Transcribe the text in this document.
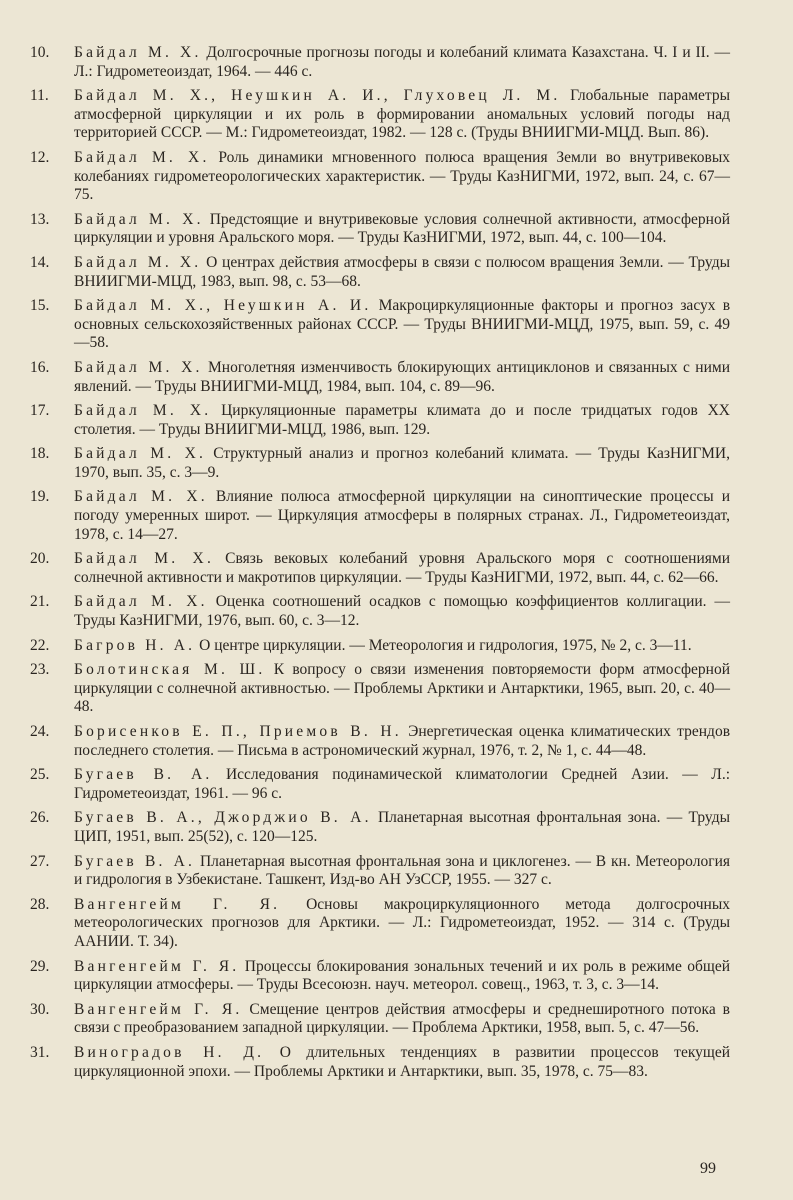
10.	Байдал М. Х. Долгосрочные прогнозы погоды и колебаний климата Казахстана. Ч. I и II. — Л.: Гидрометеоиздат, 1964. — 446 с.
11.	Байдал М. Х., Неушкин А. И., Глуховец Л. М. Глобальные параметры атмосферной циркуляции и их роль в формировании аномальных условий погоды над территорией СССР. — М.: Гидрометеоиздат, 1982. — 128 с. (Труды ВНИИГМИ-МЦД. Вып. 86).
12.	Байдал М. Х. Роль динамики мгновенного полюса вращения Земли во внутривековых колебаниях гидрометеорологических характеристик. — Труды КазНИГМИ, 1972, вып. 24, с. 67—75.
13.	Байдал М. Х. Предстоящие и внутривековые условия солнечной активности, атмосферной циркуляции и уровня Аральского моря. — Труды КазНИГМИ, 1972, вып. 44, с. 100—104.
14.	Байдал М. Х. О центрах действия атмосферы в связи с полюсом вращения Земли. — Труды ВНИИГМИ-МЦД, 1983, вып. 98, с. 53—68.
15.	Байдал М. Х., Неушкин А. И. Макроциркуляционные факторы и прогноз засух в основных сельскохозяйственных районах СССР. — Труды ВНИИГМИ-МЦД, 1975, вып. 59, с. 49—58.
16.	Байдал М. Х. Многолетняя изменчивость блокирующих антициклонов и связанных с ними явлений. — Труды ВНИИГМИ-МЦД, 1984, вып. 104, с. 89—96.
17.	Байдал М. Х. Циркуляционные параметры климата до и после тридцатых годов XX столетия. — Труды ВНИИГМИ-МЦД, 1986, вып. 129.
18.	Байдал М. Х. Структурный анализ и прогноз колебаний климата. — Труды КазНИГМИ, 1970, вып. 35, с. 3—9.
19.	Байдал М. Х. Влияние полюса атмосферной циркуляции на синоптические процессы и погоду умеренных широт. — Циркуляция атмосферы в полярных странах. Л., Гидрометеоиздат, 1978, с. 14—27.
20.	Байдал М. Х. Связь вековых колебаний уровня Аральского моря с соотношениями солнечной активности и макротипов циркуляции. — Труды КазНИГМИ, 1972, вып. 44, с. 62—66.
21.	Байдал М. Х. Оценка соотношений осадков с помощью коэффициентов коллигации. — Труды КазНИГМИ, 1976, вып. 60, с. 3—12.
22.	Багров Н. А. О центре циркуляции. — Метеорология и гидрология, 1975, № 2, с. 3—11.
23.	Болотинская М. Ш. К вопросу о связи изменения повторяемости форм атмосферной циркуляции с солнечной активностью. — Проблемы Арктики и Антарктики, 1965, вып. 20, с. 40—48.
24.	Борисенков Е. П., Приемов В. Н. Энергетическая оценка климатических трендов последнего столетия. — Письма в астрономический журнал, 1976, т. 2, № 1, с. 44—48.
25.	Бугаев В. А. Исследования подинамической климатологии Средней Азии. — Л.: Гидрометеоиздат, 1961. — 96 с.
26.	Бугаев В. А., Джорджио В. А. Планетарная высотная фронтальная зона. — Труды ЦИП, 1951, вып. 25(52), с. 120—125.
27.	Бугаев В. А. Планетарная высотная фронтальная зона и циклогенез. — В кн. Метеорология и гидрология в Узбекистане. Ташкент, Изд-во АН УзССР, 1955. — 327 с.
28.	Вангенгейм Г. Я. Основы макроциркуляционного метода долгосрочных метеорологических прогнозов для Арктики. — Л.: Гидрометеоиздат, 1952. — 314 с. (Труды ААНИИ. Т. 34).
29.	Вангенгейм Г. Я. Процессы блокирования зональных течений и их роль в режиме общей циркуляции атмосферы. — Труды Всесоюзн. науч. метеорол. совещ., 1963, т. 3, с. 3—14.
30.	Вангенгейм Г. Я. Смещение центров действия атмосферы и среднеширотного потока в связи с преобразованием западной циркуляции. — Проблема Арктики, 1958, вып. 5, с. 47—56.
31.	Виноградов Н. Д. О длительных тенденциях в развитии процессов текущей циркуляционной эпохи. — Проблемы Арктики и Антарктики, вып. 35, 1978, с. 75—83.
99
